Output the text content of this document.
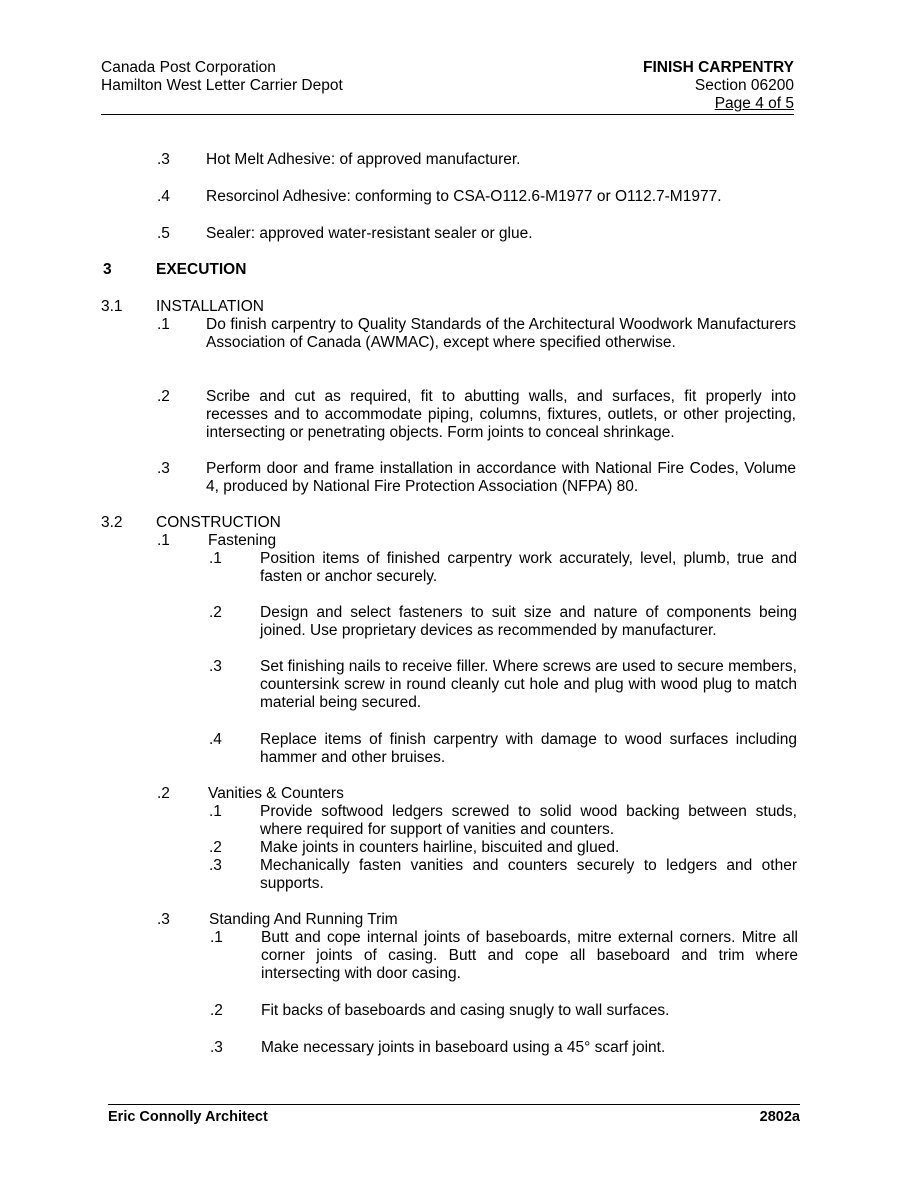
Canada Post Corporation
Hamilton West Letter Carrier Depot
FINISH CARPENTRY
Section 06200
Page 4 of 5
.3 Hot Melt Adhesive: of approved manufacturer.
.4 Resorcinol Adhesive: conforming to CSA-O112.6-M1977 or O112.7-M1977.
.5 Sealer: approved water-resistant sealer or glue.
3	EXECUTION
3.1 INSTALLATION
.1 Do finish carpentry to Quality Standards of the Architectural Woodwork Manufacturers Association of Canada (AWMAC), except where specified otherwise.
.2 Scribe and cut as required, fit to abutting walls, and surfaces, fit properly into recesses and to accommodate piping, columns, fixtures, outlets, or other projecting, intersecting or penetrating objects. Form joints to conceal shrinkage.
.3 Perform door and frame installation in accordance with National Fire Codes, Volume 4, produced by National Fire Protection Association (NFPA) 80.
3.2 CONSTRUCTION
.1 Fastening
.1 Position items of finished carpentry work accurately, level, plumb, true and fasten or anchor securely.
.2 Design and select fasteners to suit size and nature of components being joined. Use proprietary devices as recommended by manufacturer.
.3 Set finishing nails to receive filler. Where screws are used to secure members, countersink screw in round cleanly cut hole and plug with wood plug to match material being secured.
.4 Replace items of finish carpentry with damage to wood surfaces including hammer and other bruises.
.2 Vanities & Counters
.1 Provide softwood ledgers screwed to solid wood backing between studs, where required for support of vanities and counters.
.2 Make joints in counters hairline, biscuited and glued.
.3 Mechanically fasten vanities and counters securely to ledgers and other supports.
.3	Standing And Running Trim
.1 Butt and cope internal joints of baseboards, mitre external corners. Mitre all corner joints of casing. Butt and cope all baseboard and trim where intersecting with door casing.
.2 Fit backs of baseboards and casing snugly to wall surfaces.
.3 Make necessary joints in baseboard using a 45° scarf joint.
Eric Connolly Architect	2802a
